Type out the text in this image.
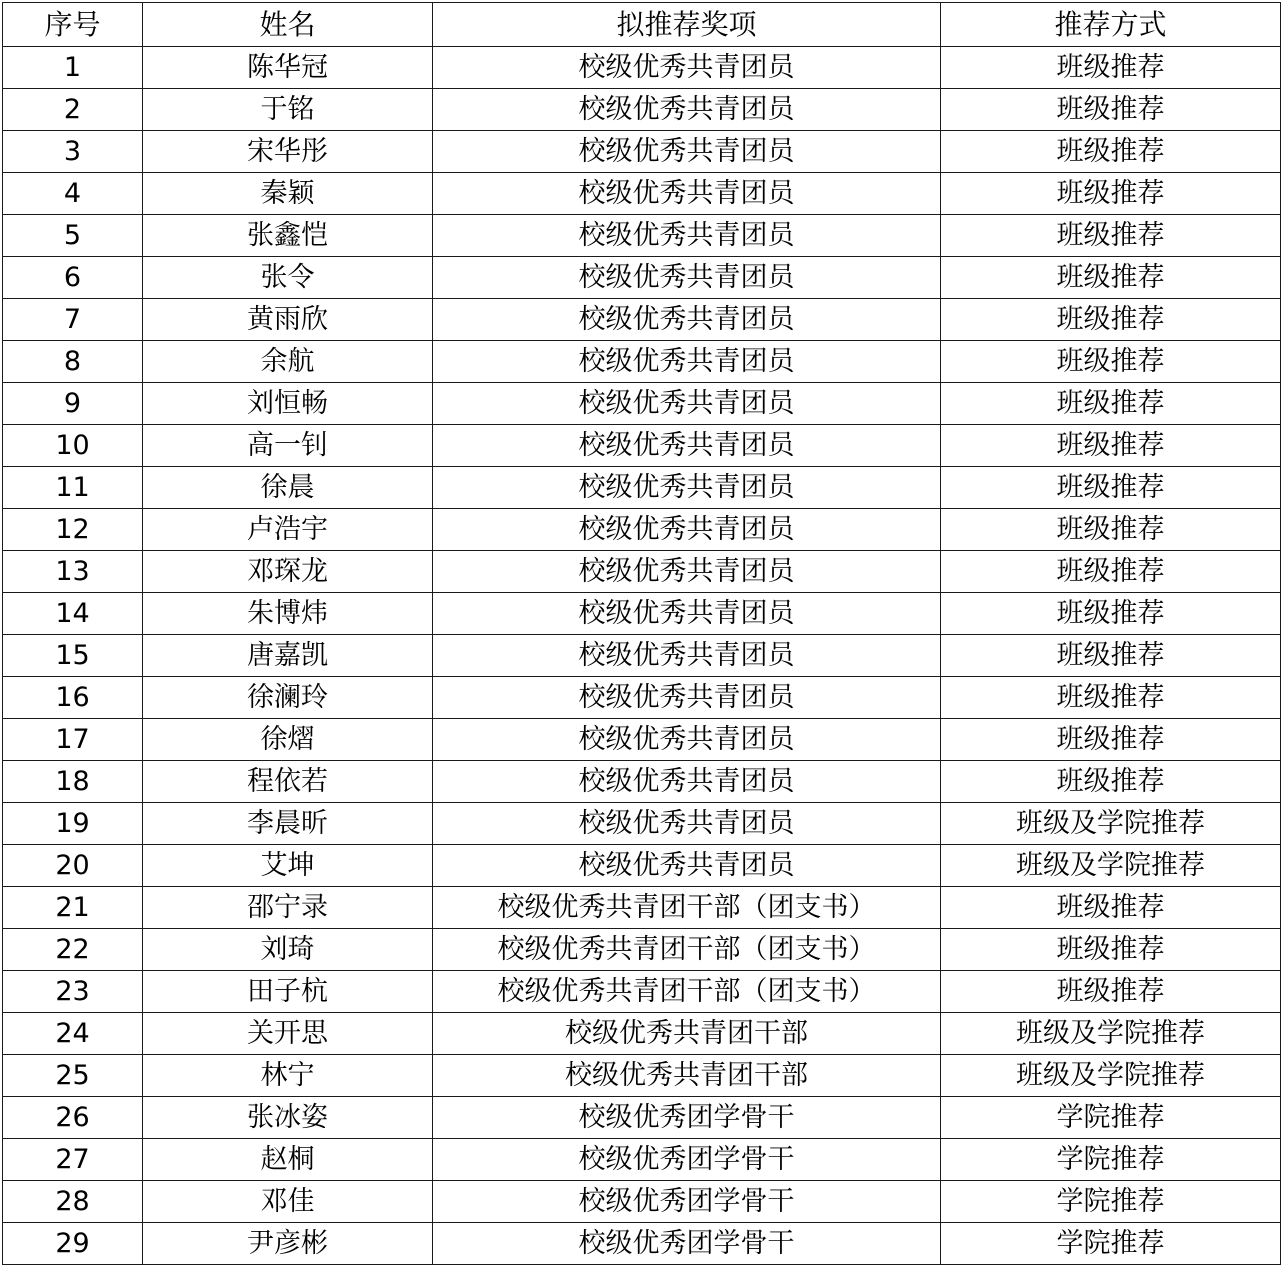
序号	姓名	拟推荐奖项	推荐方式
1	陈华冠	校级优秀共青团员	班级推荐
2	于铭	校级优秀共青团员	班级推荐
3	宋华彤	校级优秀共青团员	班级推荐
4	秦颖	校级优秀共青团员	班级推荐
5	张鑫恺	校级优秀共青团员	班级推荐
6	张令	校级优秀共青团员	班级推荐
7	黄雨欣	校级优秀共青团员	班级推荐
8	余航	校级优秀共青团员	班级推荐
9	刘恒畅	校级优秀共青团员	班级推荐
10	高一钊	校级优秀共青团员	班级推荐
11	徐晨	校级优秀共青团员	班级推荐
12	卢浩宇	校级优秀共青团员	班级推荐
13	邓琛龙	校级优秀共青团员	班级推荐
14	朱博炜	校级优秀共青团员	班级推荐
15	唐嘉凯	校级优秀共青团员	班级推荐
16	徐澜玲	校级优秀共青团员	班级推荐
17	徐熠	校级优秀共青团员	班级推荐
18	程依若	校级优秀共青团员	班级推荐
19	李晨昕	校级优秀共青团员	班级及学院推荐
20	艾坤	校级优秀共青团员	班级及学院推荐
21	邵宁录	校级优秀共青团干部（团支书）	班级推荐
22	刘琦	校级优秀共青团干部（团支书）	班级推荐
23	田子杭	校级优秀共青团干部（团支书）	班级推荐
24	关开思	校级优秀共青团干部	班级及学院推荐
25	林宁	校级优秀共青团干部	班级及学院推荐
26	张冰姿	校级优秀团学骨干	学院推荐
27	赵桐	校级优秀团学骨干	学院推荐
28	邓佳	校级优秀团学骨干	学院推荐
29	尹彦彬	校级优秀团学骨干	学院推荐
